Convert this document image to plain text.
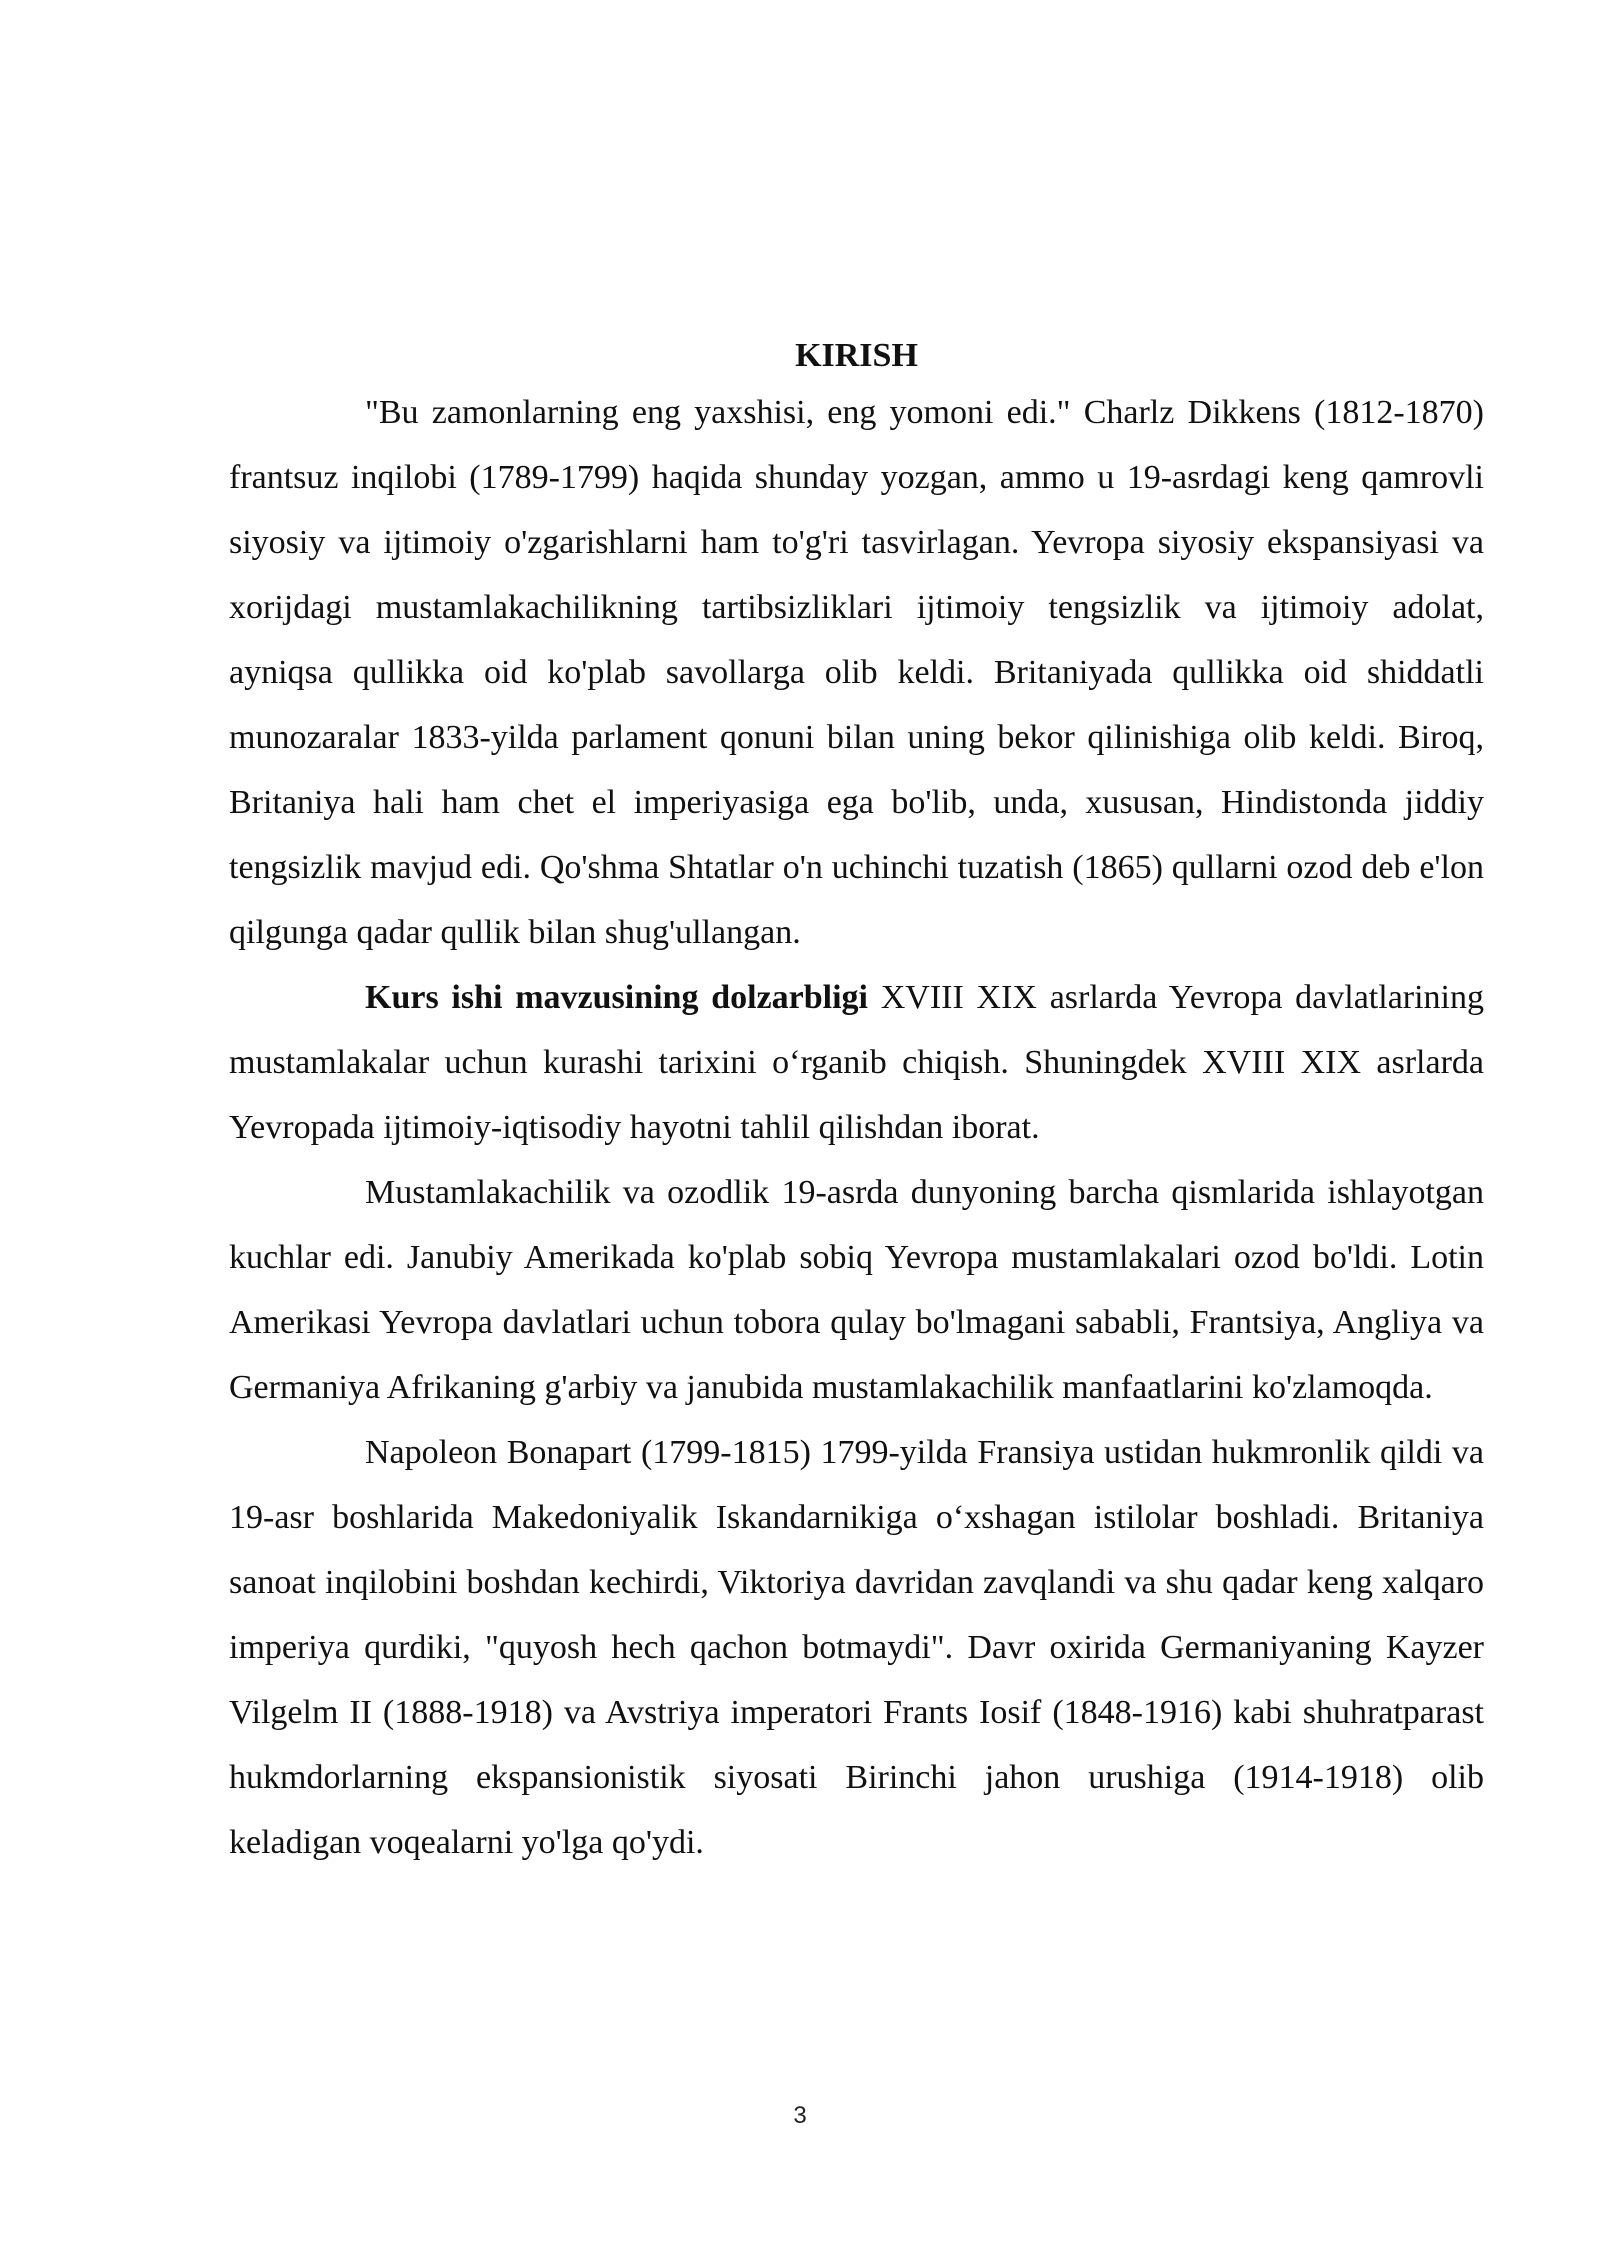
KIRISH

"Bu zamonlarning eng yaxshisi, eng yomoni edi." Charlz Dikkens (1812-1870) frantsuz inqilobi (1789-1799) haqida shunday yozgan, ammo u 19-asrdagi keng qamrovli siyosiy va ijtimoiy o'zgarishlarni ham to'g'ri tasvirlagan. Yevropa siyosiy ekspansiyasi va xorijdagi mustamlakachilikning tartibsizliklari ijtimoiy tengsizlik va ijtimoiy adolat, ayniqsa qullikka oid ko'plab savollarga olib keldi. Britaniyada qullikka oid shiddatli munozaralar 1833-yilda parlament qonuni bilan uning bekor qilinishiga olib keldi. Biroq, Britaniya hali ham chet el imperiyasiga ega bo'lib, unda, xususan, Hindistonda jiddiy tengsizlik mavjud edi. Qo'shma Shtatlar o'n uchinchi tuzatish (1865) qullarni ozod deb e'lon qilgunga qadar qullik bilan shug'ullangan.

Kurs ishi mavzusining dolzarbligi XVIII XIX asrlarda Yevropa davlatlarining mustamlakalar uchun kurashi tarixini o‘rganib chiqish. Shuningdek XVIII XIX asrlarda Yevropada ijtimoiy-iqtisodiy hayotni tahlil qilishdan iborat.

Mustamlakachilik va ozodlik 19-asrda dunyoning barcha qismlarida ishlayotgan kuchlar edi. Janubiy Amerikada ko'plab sobiq Yevropa mustamlakalari ozod bo'ldi. Lotin Amerikasi Yevropa davlatlari uchun tobora qulay bo'lmagani sababli, Frantsiya, Angliya va Germaniya Afrikaning g'arbiy va janubida mustamlakachilik manfaatlarini ko'zlamoqda.

Napoleon Bonapart (1799-1815) 1799-yilda Fransiya ustidan hukmronlik qildi va 19-asr boshlarida Makedoniyalik Iskandarnikiga o‘xshagan istilolar boshladi. Britaniya sanoat inqilobini boshdan kechirdi, Viktoriya davridan zavqlandi va shu qadar keng xalqaro imperiya qurdiki, "quyosh hech qachon botmaydi". Davr oxirida Germaniyaning Kayzer Vilgelm II (1888-1918) va Avstriya imperatori Frants Iosif (1848-1916) kabi shuhratparast hukmdorlarning ekspansionistik siyosati Birinchi jahon urushiga (1914-1918) olib keladigan voqealarni yo'lga qo'ydi.

3
